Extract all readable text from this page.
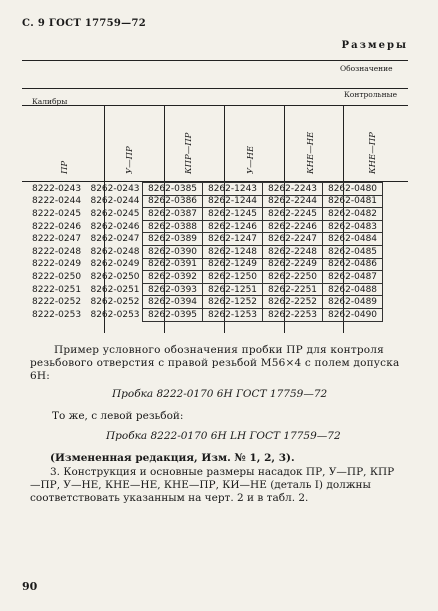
С. 9 ГОСТ 17759—72
Размеры
Обозначение
Контрольные
Калибры
ПР	У—ПР	КПР—ПР	У—НЕ	КНЕ—НЕ	КНЕ—ПР
8222-0243	8262-0243	8262-0385	8262-1243	8262-2243	8262-0480
8222-0244	8262-0244	8262-0386	8262-1244	8262-2244	8262-0481
8222-0245	8262-0245	8262-0387	8262-1245	8262-2245	8262-0482
8222-0246	8262-0246	8262-0388	8262-1246	8262-2246	8262-0483
8222-0247	8262-0247	8262-0389	8262-1247	8262-2247	8262-0484
8222-0248	8262-0248	8262-0390	8262-1248	8262-2248	8262-0485
8222-0249	8262-0249	8262-0391	8262-1249	8262-2249	8262-0486
8222-0250	8262-0250	8262-0392	8262-1250	8262-2250	8262-0487
8222-0251	8262-0251	8262-0393	8262-1251	8262-2251	8262-0488
8222-0252	8262-0252	8262-0394	8262-1252	8262-2252	8262-0489
8222-0253	8262-0253	8262-0395	8262-1253	8262-2253	8262-0490
Пример условного обозначения пробки ПР для контроля резьбового отверстия с правой резьбой M56×4 с полем допуска 6H:
Пробка 8222-0170 6H ГОСТ 17759—72
То же, с левой резьбой:
Пробка 8222-0170 6H LH ГОСТ 17759—72
(Измененная редакция, Изм. № 1, 2, 3).
3. Конструкция и основные размеры насадок ПР, У—ПР, КПР—ПР, У—НЕ, КНЕ—НЕ, КНЕ—ПР, КИ—НЕ (деталь I) должны соответствовать указанным на черт. 2 и в табл. 2.
90
